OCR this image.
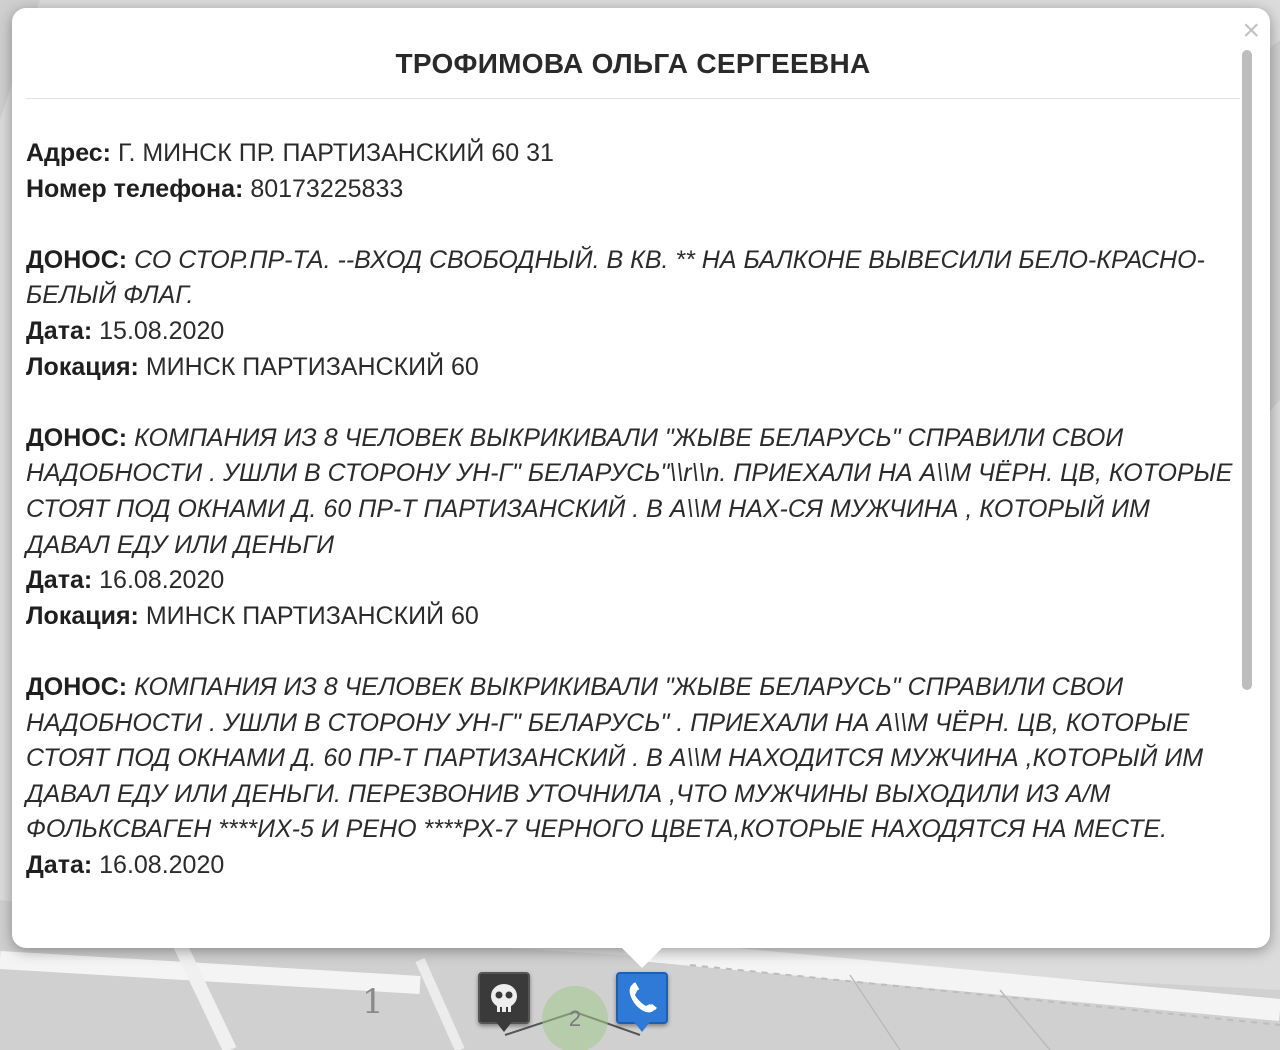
1	2
×
ТРОФИМОВА ОЛЬГА СЕРГЕЕВНА
Адрес: Г. МИНСК ПР. ПАРТИЗАНСКИЙ 60 31
Номер телефона: 80173225833
ДОНОС: СО СТОР.ПР-ТА. --ВХОД СВОБОДНЫЙ. В КВ. ** НА БАЛКОНЕ ВЫВЕСИЛИ БЕЛО-КРАСНО-БЕЛЫЙ ФЛАГ.
Дата: 15.08.2020
Локация: МИНСК ПАРТИЗАНСКИЙ 60
ДОНОС: КОМПАНИЯ ИЗ 8 ЧЕЛОВЕК ВЫКРИКИВАЛИ "ЖЫВЕ БЕЛАРУСЬ" СПРАВИЛИ СВОИ НАДОБНОСТИ . УШЛИ В СТОРОНУ УН-Г" БЕЛАРУСЬ"\\r\\n. ПРИЕХАЛИ НА А\\М ЧЁРН. ЦВ, КОТОРЫЕ СТОЯТ ПОД ОКНАМИ Д. 60 ПР-Т ПАРТИЗАНСКИЙ . В А\\М НАХ-СЯ МУЖЧИНА , КОТОРЫЙ ИМ ДАВАЛ ЕДУ ИЛИ ДЕНЬГИ
Дата: 16.08.2020
Локация: МИНСК ПАРТИЗАНСКИЙ 60
ДОНОС: КОМПАНИЯ ИЗ 8 ЧЕЛОВЕК ВЫКРИКИВАЛИ "ЖЫВЕ БЕЛАРУСЬ" СПРАВИЛИ СВОИ НАДОБНОСТИ . УШЛИ В СТОРОНУ УН-Г" БЕЛАРУСЬ" . ПРИЕХАЛИ НА А\\М ЧЁРН. ЦВ, КОТОРЫЕ СТОЯТ ПОД ОКНАМИ Д. 60 ПР-Т ПАРТИЗАНСКИЙ . В А\\М НАХОДИТСЯ МУЖЧИНА ,КОТОРЫЙ ИМ ДАВАЛ ЕДУ ИЛИ ДЕНЬГИ. ПЕРЕЗВОНИВ УТОЧНИЛА ,ЧТО МУЖЧИНЫ ВЫХОДИЛИ ИЗ А/М ФОЛЬКСВАГЕН ****ИХ-5 И РЕНО ****РХ-7 ЧЕРНОГО ЦВЕТА,КОТОРЫЕ НАХОДЯТСЯ НА МЕСТЕ.
Дата: 16.08.2020
